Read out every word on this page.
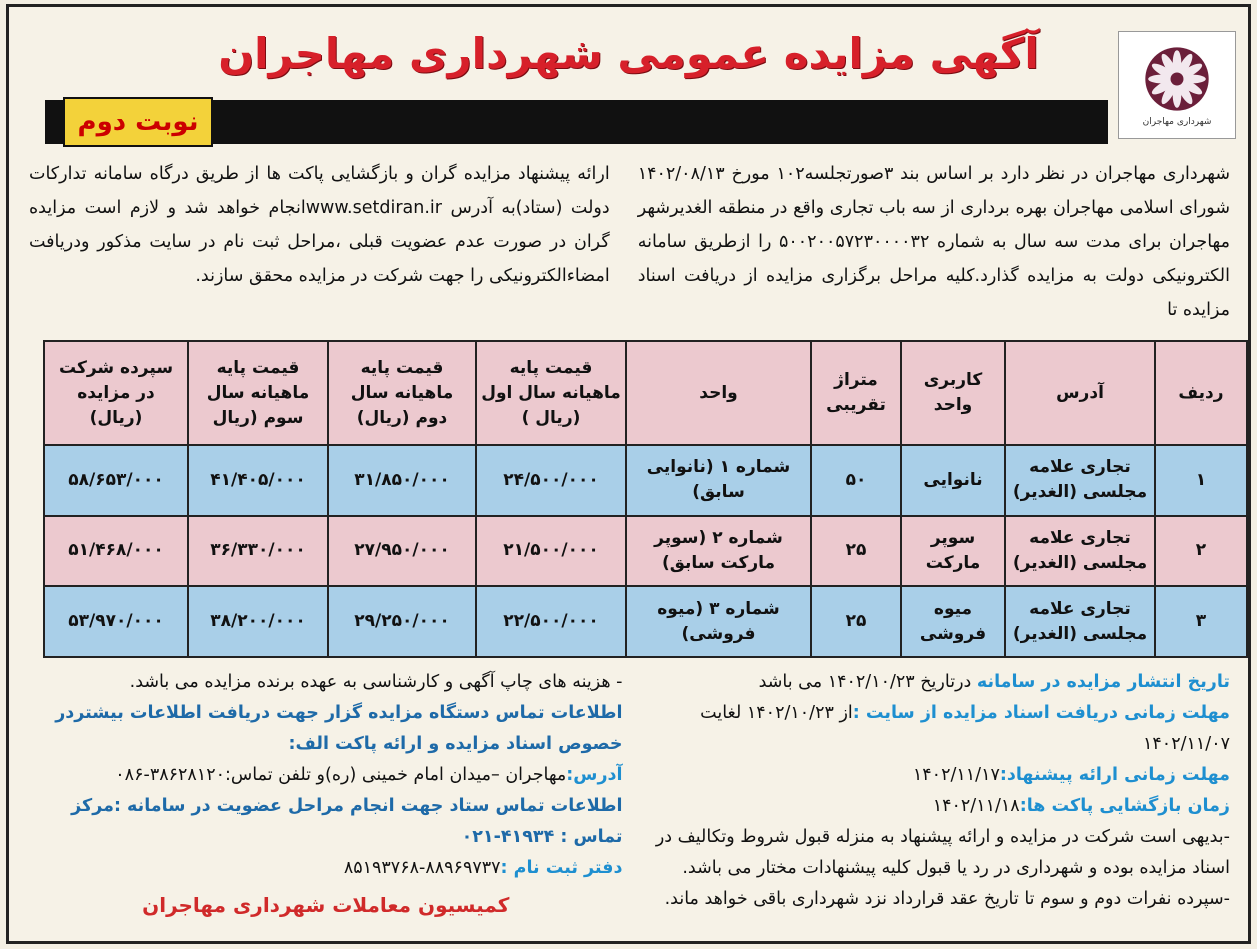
شهرداری مهاجران
آگهی مزایده عمومی شهرداری مهاجران
نوبت دوم
شهرداری مهاجران در نظر دارد بر اساس بند ۳صورتجلسه۱۰۲ مورخ ۱۴۰۲/۰۸/۱۳ شورای اسلامی مهاجران بهره برداری از سه باب تجاری واقع در منطقه الغدیرشهر مهاجران برای مدت سه سال به شماره ۵۰۰۲۰۰۵۷۲۳۰۰۰۰۳۲ را ازطریق سامانه الکترونیکی دولت به مزایده گذارد.کلیه مراحل برگزاری مزایده از دریافت اسناد مزایده تا
ارائه پیشنهاد مزایده گران و بازگشایی پاکت ها از طریق درگاه سامانه تدارکات دولت (ستاد)به آدرس www.setdiran.irانجام خواهد شد و لازم است مزایده گران در صورت عدم عضویت قبلی ،مراحل ثبت نام در سایت مذکور ودریافت امضاءالکترونیکی را جهت شرکت در مزایده محقق سازند.
ردیف	آدرس	کاربری واحد	متراژ تقریبی	واحد	قیمت پایه ماهیانه سال اول (ریال )	قیمت پایه ماهیانه سال دوم (ریال)	قیمت پایه ماهیانه سال سوم (ریال	سپرده شرکت در مزایده (ریال)
۱	تجاری علامه مجلسی (الغدیر)	نانوایی	۵۰	شماره ۱ (نانوایی سابق)	۲۴/۵۰۰/۰۰۰	۳۱/۸۵۰/۰۰۰	۴۱/۴۰۵/۰۰۰	۵۸/۶۵۳/۰۰۰
۲	تجاری علامه مجلسی (الغدیر)	سوپر مارکت	۲۵	شماره ۲ (سوپر مارکت سابق)	۲۱/۵۰۰/۰۰۰	۲۷/۹۵۰/۰۰۰	۳۶/۳۳۰/۰۰۰	۵۱/۴۶۸/۰۰۰
۳	تجاری علامه مجلسی (الغدیر)	میوه فروشی	۲۵	شماره ۳ (میوه فروشی)	۲۲/۵۰۰/۰۰۰	۲۹/۲۵۰/۰۰۰	۳۸/۲۰۰/۰۰۰	۵۳/۹۷۰/۰۰۰
تاریخ انتشار مزایده در سامانه درتاریخ ۱۴۰۲/۱۰/۲۳ می باشد
مهلت زمانی دریافت اسناد مزایده از سایت :از ۱۴۰۲/۱۰/۲۳ لغایت ۱۴۰۲/۱۱/۰۷
مهلت زمانی ارائه پیشنهاد:۱۴۰۲/۱۱/۱۷
زمان بازگشایی پاکت ها:۱۴۰۲/۱۱/۱۸
-بدیهی است شرکت در مزایده و ارائه پیشنهاد به منزله قبول شروط وتکالیف در اسناد مزایده بوده و شهرداری در رد یا قبول کلیه پیشنهادات مختار می باشد.
-سپرده نفرات دوم و سوم تا تاریخ عقد قرارداد نزد شهرداری باقی خواهد ماند.
- هزینه های چاپ آگهی و کارشناسی به عهده برنده مزایده می باشد.
اطلاعات تماس دستگاه مزایده گزار جهت دریافت اطلاعات بیشتردر خصوص اسناد مزایده و ارائه پاکت الف:
آدرس:مهاجران –میدان امام خمینی (ره)و تلفن تماس:۳۸۶۲۸۱۲۰-۰۸۶
اطلاعات تماس ستاد جهت انجام مراحل عضویت در سامانه :مرکز تماس : ۴۱۹۳۴-۰۲۱
دفتر ثبت نام :۸۸۹۶۹۷۳۷-۸۵۱۹۳۷۶۸
کمیسیون معاملات شهرداری مهاجران
